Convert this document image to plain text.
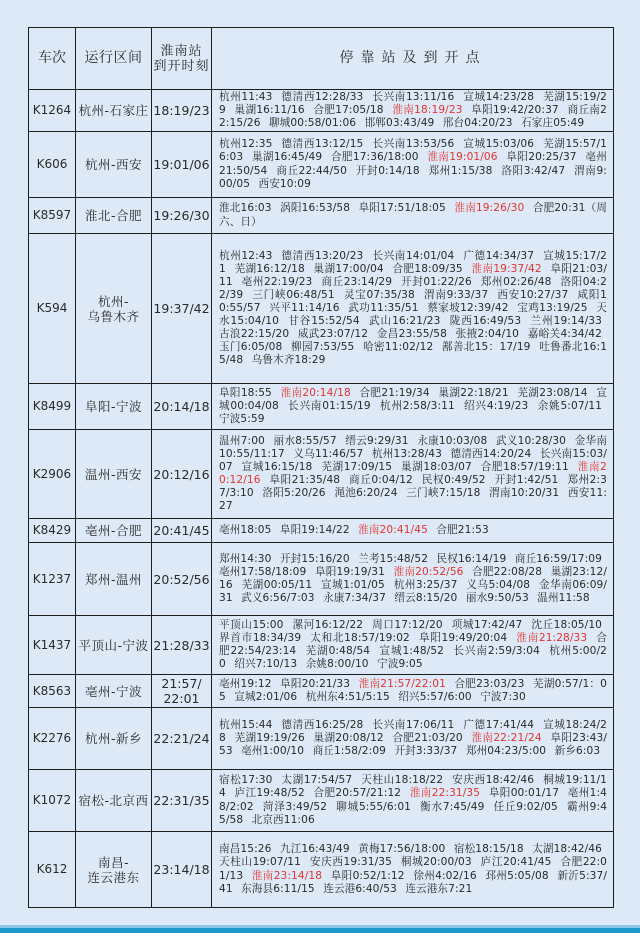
车次	运行区间	淮南站
到开时刻
停靠站及到开点
K1264 杭州-石家庄 18:19/23
杭州11:43 德清西12:28/33 长兴南13:11/16 宣城14:23/28 芜湖15:19/29 巢湖16:11/16 合肥17:05/18 淮南18:19/23 阜阳19:42/20:37 商丘南22:15/26 聊城00:58/01:06 邯郸03:43/49 邢台04:20/23 石家庄05:49
K606	杭州-西安 19:01/06
杭州12:35 德清西13:12/15 长兴南13:53/56 宣城15:03/06 芜湖15:57/16:03 巢湖16:45/49 合肥17:36/18:00 淮南19:01/06 阜阳20:25/37 亳州21:50/54 商丘22:44/50 开封0:14/18 郑州1:15/38 洛阳3:42/47 渭南9:00/05 西安10:09
K8597	淮北-合肥 19:26/30 淮北16:03 涡阳16:53/58 阜阳17:51/18:05 淮南19:26/30 合肥20:31（周六、日）
K594	杭州-
乌鲁木齐 19:37/42
杭州12:43 德清西13:20/23 长兴南14:01/04 广德14:34/37 宣城15:17/21 芜湖16:12/18 巢湖17:00/04 合肥18:09/35 淮南19:37/42 阜阳21:03/11 亳州22:19/23 商丘23:14/29 开封01:22/26 郑州02:26/48 洛阳04:22/39 三门峡06:48/51 灵宝07:35/38 渭南9:33/37 西安10:27/37 咸阳10:55/57 兴平11:14/16 武功11:35/51 蔡家坡12:39/42 宝鸡13:19/25 天水15:04/10 甘谷15:52/54 武山16:21/23 陇西16:49/53 兰州19:14/33 古浪22:15/20 威武23:07/12 金昌23:55/58 张掖2:04/10 嘉峪关4:34/42 玉门6:05/08 柳园7:53/55 哈密11:02/12 鄯善北15：17/19 吐鲁番北16:15/48 乌鲁木齐18:29
K8499	阜阳-宁波 20:14/18
阜阳18:55 淮南20:14/18 合肥21:19/34 巢湖22:18/21 芜湖23:08/14 宣城00:04/08 长兴南01:15/19 杭州2:58/3:11 绍兴4:19/23 余姚5:07/11 宁波5:59
K2906	温州-西安 20:12/16
温州7:00 丽水8:55/57 缙云9:29/31 永康10:03/08 武义10:28/30 金华南10:55/11:17 义乌11:46/57 杭州13:28/43 德清西14:20/24 长兴南15:03/07 宣城16:15/18 芜湖17:09/15 巢湖18:03/07 合肥18:57/19:11 淮南20:12/16 阜阳21:35/48 商丘0:04/12 民权0:49/52 开封1:42/51 郑州2:37/3:10 洛阳5:20/26 渑池6:20/24 三门峡7:15/18 渭南10:20/31 西安11:27
K8429	亳州-合肥 20:41/45 亳州18:05 阜阳19:14/22 淮南20:41/45 合肥21:53
K1237	郑州-温州 20:52/56
郑州14:30 开封15:16/20 兰考15:48/52 民权16:14/19 商丘16:59/17:09 亳州17:58/18:09 阜阳19:19/31 淮南20:52/56 合肥22:08/28 巢湖23:12/16 芜湖00:05/11 宣城1:01/05 杭州3:25/37 义乌5:04/08 金华南06:09/31 武义6:56/7:03 永康7:34/37 缙云8:15/20 丽水9:50/53 温州11:58
K1437 平顶山-宁波 21:28/33
平顶山15:00 漯河16:12/22 周口17:12/20 项城17:42/47 沈丘18:05/10 界首市18:34/39 太和北18:57/19:02 阜阳19:49/20:04 淮南21:28/33 合肥22:54/23:14 芜湖0:48/54 宣城1:48/52 长兴南2:59/3:04 杭州5:00/20 绍兴7:10/13 余姚8:00/10 宁波9:05
K8563	亳州-宁波	21:57/
22:01
亳州19:12 阜阳20:21/33 淮南21:57/22:01 合肥23:03/23 芜湖0:57/1：05 宣城2:01/06 杭州东4:51/5:15 绍兴5:57/6:00 宁波7:30
K2276	杭州-新乡 22:21/24
杭州15:44 德清西16:25/28 长兴南17:06/11 广德17:41/44 宣城18:24/28 芜湖19:19/26 巢湖20:08/12 合肥21:03/20 淮南22:21/24 阜阳23:43/53 亳州1:00/10 商丘1:58/2:09 开封3:33/37 郑州04:23/5:00 新乡6:03
K1072 宿松-北京西 22:31/35
宿松17:30 太湖17:54/57 天柱山18:18/22 安庆西18:42/46 桐城19:11/14 庐江19:48/52 合肥20:57/21:12 淮南22:31/35 阜阳00:01/17 亳州1:48/2:02 菏泽3:49/52 聊城5:55/6:01 衡水7:45/49 任丘9:02/05 霸州9:45/58 北京西11:06
K612	南昌-
连云港东 23:14/18
南昌15:26 九江16:43/49 黄梅17:56/18:00 宿松18:15/18 太湖18:42/46 天柱山19:07/11 安庆西19:31/35 桐城20:00/03 庐江20:41/45 合肥22:01/13 淮南23:14/18 阜阳0:52/1:12 徐州4:02/16 邳州5:05/08 新沂5:37/41 东海县6:11/15 连云港6:40/53 连云港东7:21
